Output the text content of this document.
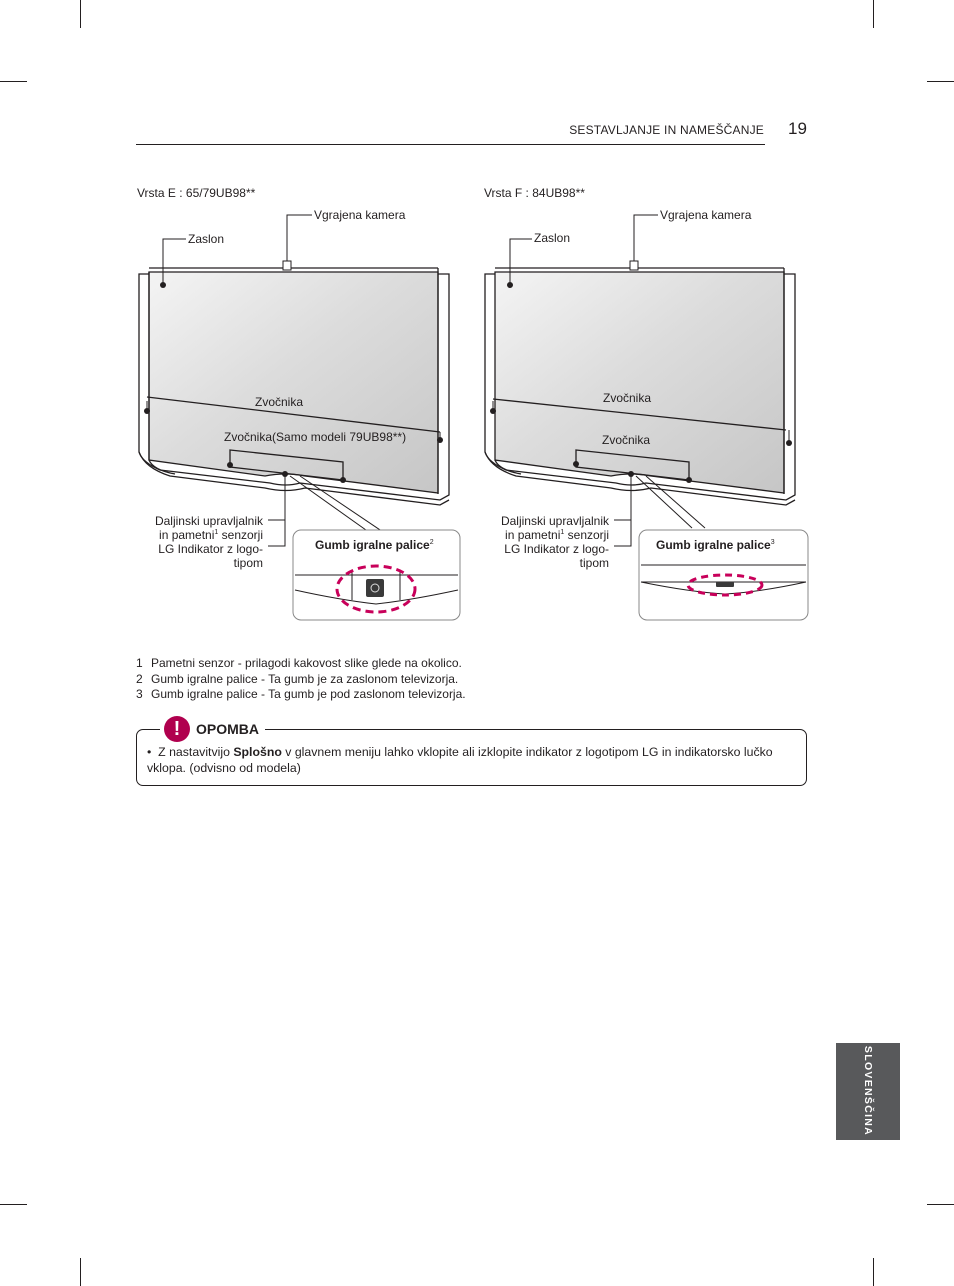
SESTAVLJANJE IN NAMEŠČANJE 19
Vrsta E : 65/79UB98**
Vgrajena kamera
Zaslon
Zvočnika
Zvočnika(Samo modeli 79UB98**)
Daljinski upravljalnik
in pametni$^1$ senzorji
LG Indikator z logo-
tipom
Gumb igralne palice$^2$
Vrsta F : 84UB98**
Vgrajena kamera
Zaslon
Zvočnika
Zvočnika
Daljinski upravljalnik
in pametni$^1$ senzorji
LG Indikator z logo-
tipom
Gumb igralne palice$^3$
1 Pametni senzor - prilagodi kakovost slike glede na okolico.
2 Gumb igralne palice - Ta gumb je za zaslonom televizorja.
3 Gumb igralne palice - Ta gumb je pod zaslonom televizorja.
!	OPOMBA
• Z nastavitvijo Splošno v glavnem meniju lahko vklopite ali izklopite indikator z logotipom LG in indikatorsko lučko vklopa. (odvisno od modela)
SLOVENŠČINA
